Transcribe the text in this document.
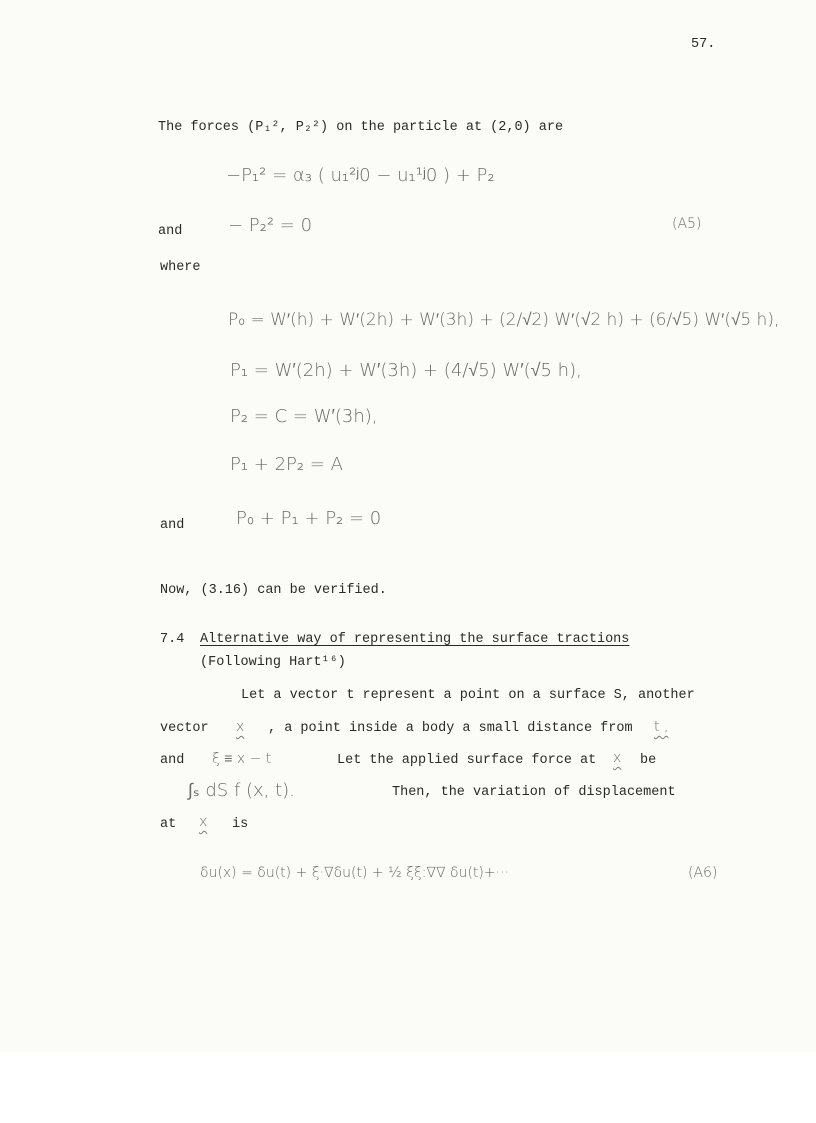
57.
The forces (P₁², P₂²) on the particle at (2,0) are
−P₁² = α₃ ( u₁²ʲ0 − u₁¹ʲ0 ) + P₂
and	− P₂² = 0	(A5)
where
P₀ = W′(h) + W′(2h) + W′(3h) + (2/√2) W′(√2 h) + (6/√5) W′(√5 h),
P₁ = W′(2h) + W′(3h) + (4/√5) W′(√5 h),
P₂ = C = W′(3h),
P₁ + 2P₂ = A
and	P₀ + P₁ + P₂ = 0
Now, (3.16) can be verified.
7.4 Alternative way of representing the surface tractions
(Following Hart¹⁶)
Let a vector t represent a point on a surface S, another
vector x , a point inside a body a small distance from t ,
and ξ ≡ x − t	Let the applied surface force at x be
∫ₛ dS f (x, t).	Then, the variation of displacement
at x is
δu(x) = δu(t) + ξ·∇δu(t) + ½ ξξ:∇∇ δu(t)+···	(A6)
